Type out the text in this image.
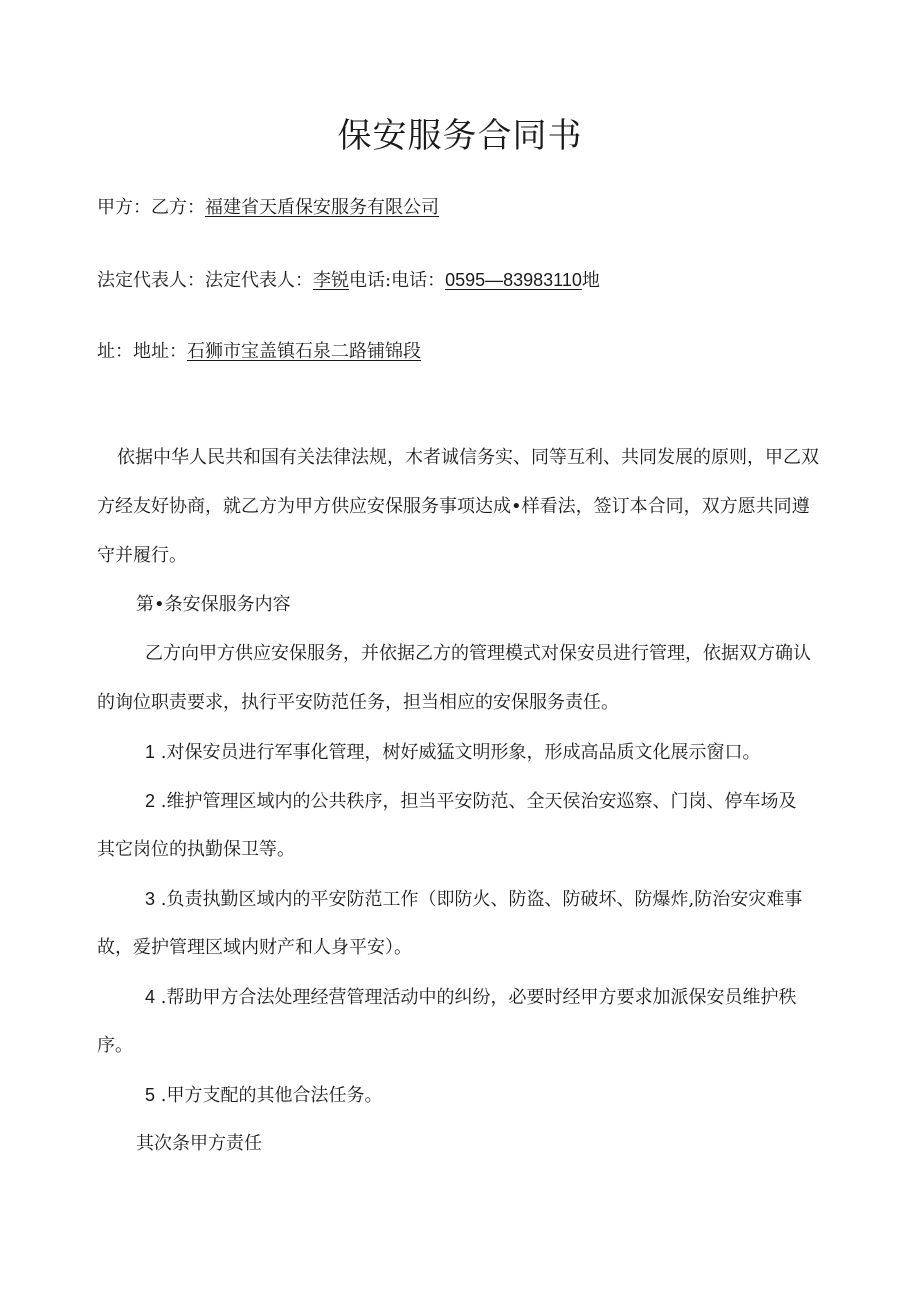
保安服务合同书
甲方：乙方：福建省天盾保安服务有限公司
法定代表人：法定代表人：李锐电话:电话：0595—83983110地
址：地址：石狮市宝盖镇石泉二路铺锦段
依据中华人民共和国有关法律法规，木者诚信务实、同等互利、共同发展的原则，甲乙双
方经友好协商，就乙方为甲方供应安保服务事项达成•样看法，签订本合同，双方愿共同遵
守并履行。
第•条安保服务内容
乙方向甲方供应安保服务，并依据乙方的管理模式对保安员进行管理，依据双方确认
的询位职责要求，执行平安防范任务，担当相应的安保服务责任。
1 .对保安员进行军事化管理，树好威猛文明形象，形成高品质文化展示窗口。
2 .维护管理区域内的公共秩序，担当平安防范、全天侯治安巡察、门岗、停车场及
其它岗位的执勤保卫等。
3 .负责执勤区域内的平安防范工作（即防火、防盗、防破坏、防爆炸,防治安灾难事
故，爱护管理区域内财产和人身平安）。
4 .帮助甲方合法处理经营管理活动中的纠纷，必要时经甲方要求加派保安员维护秩
序。
5 .甲方支配的其他合法任务。
其次条甲方责任
